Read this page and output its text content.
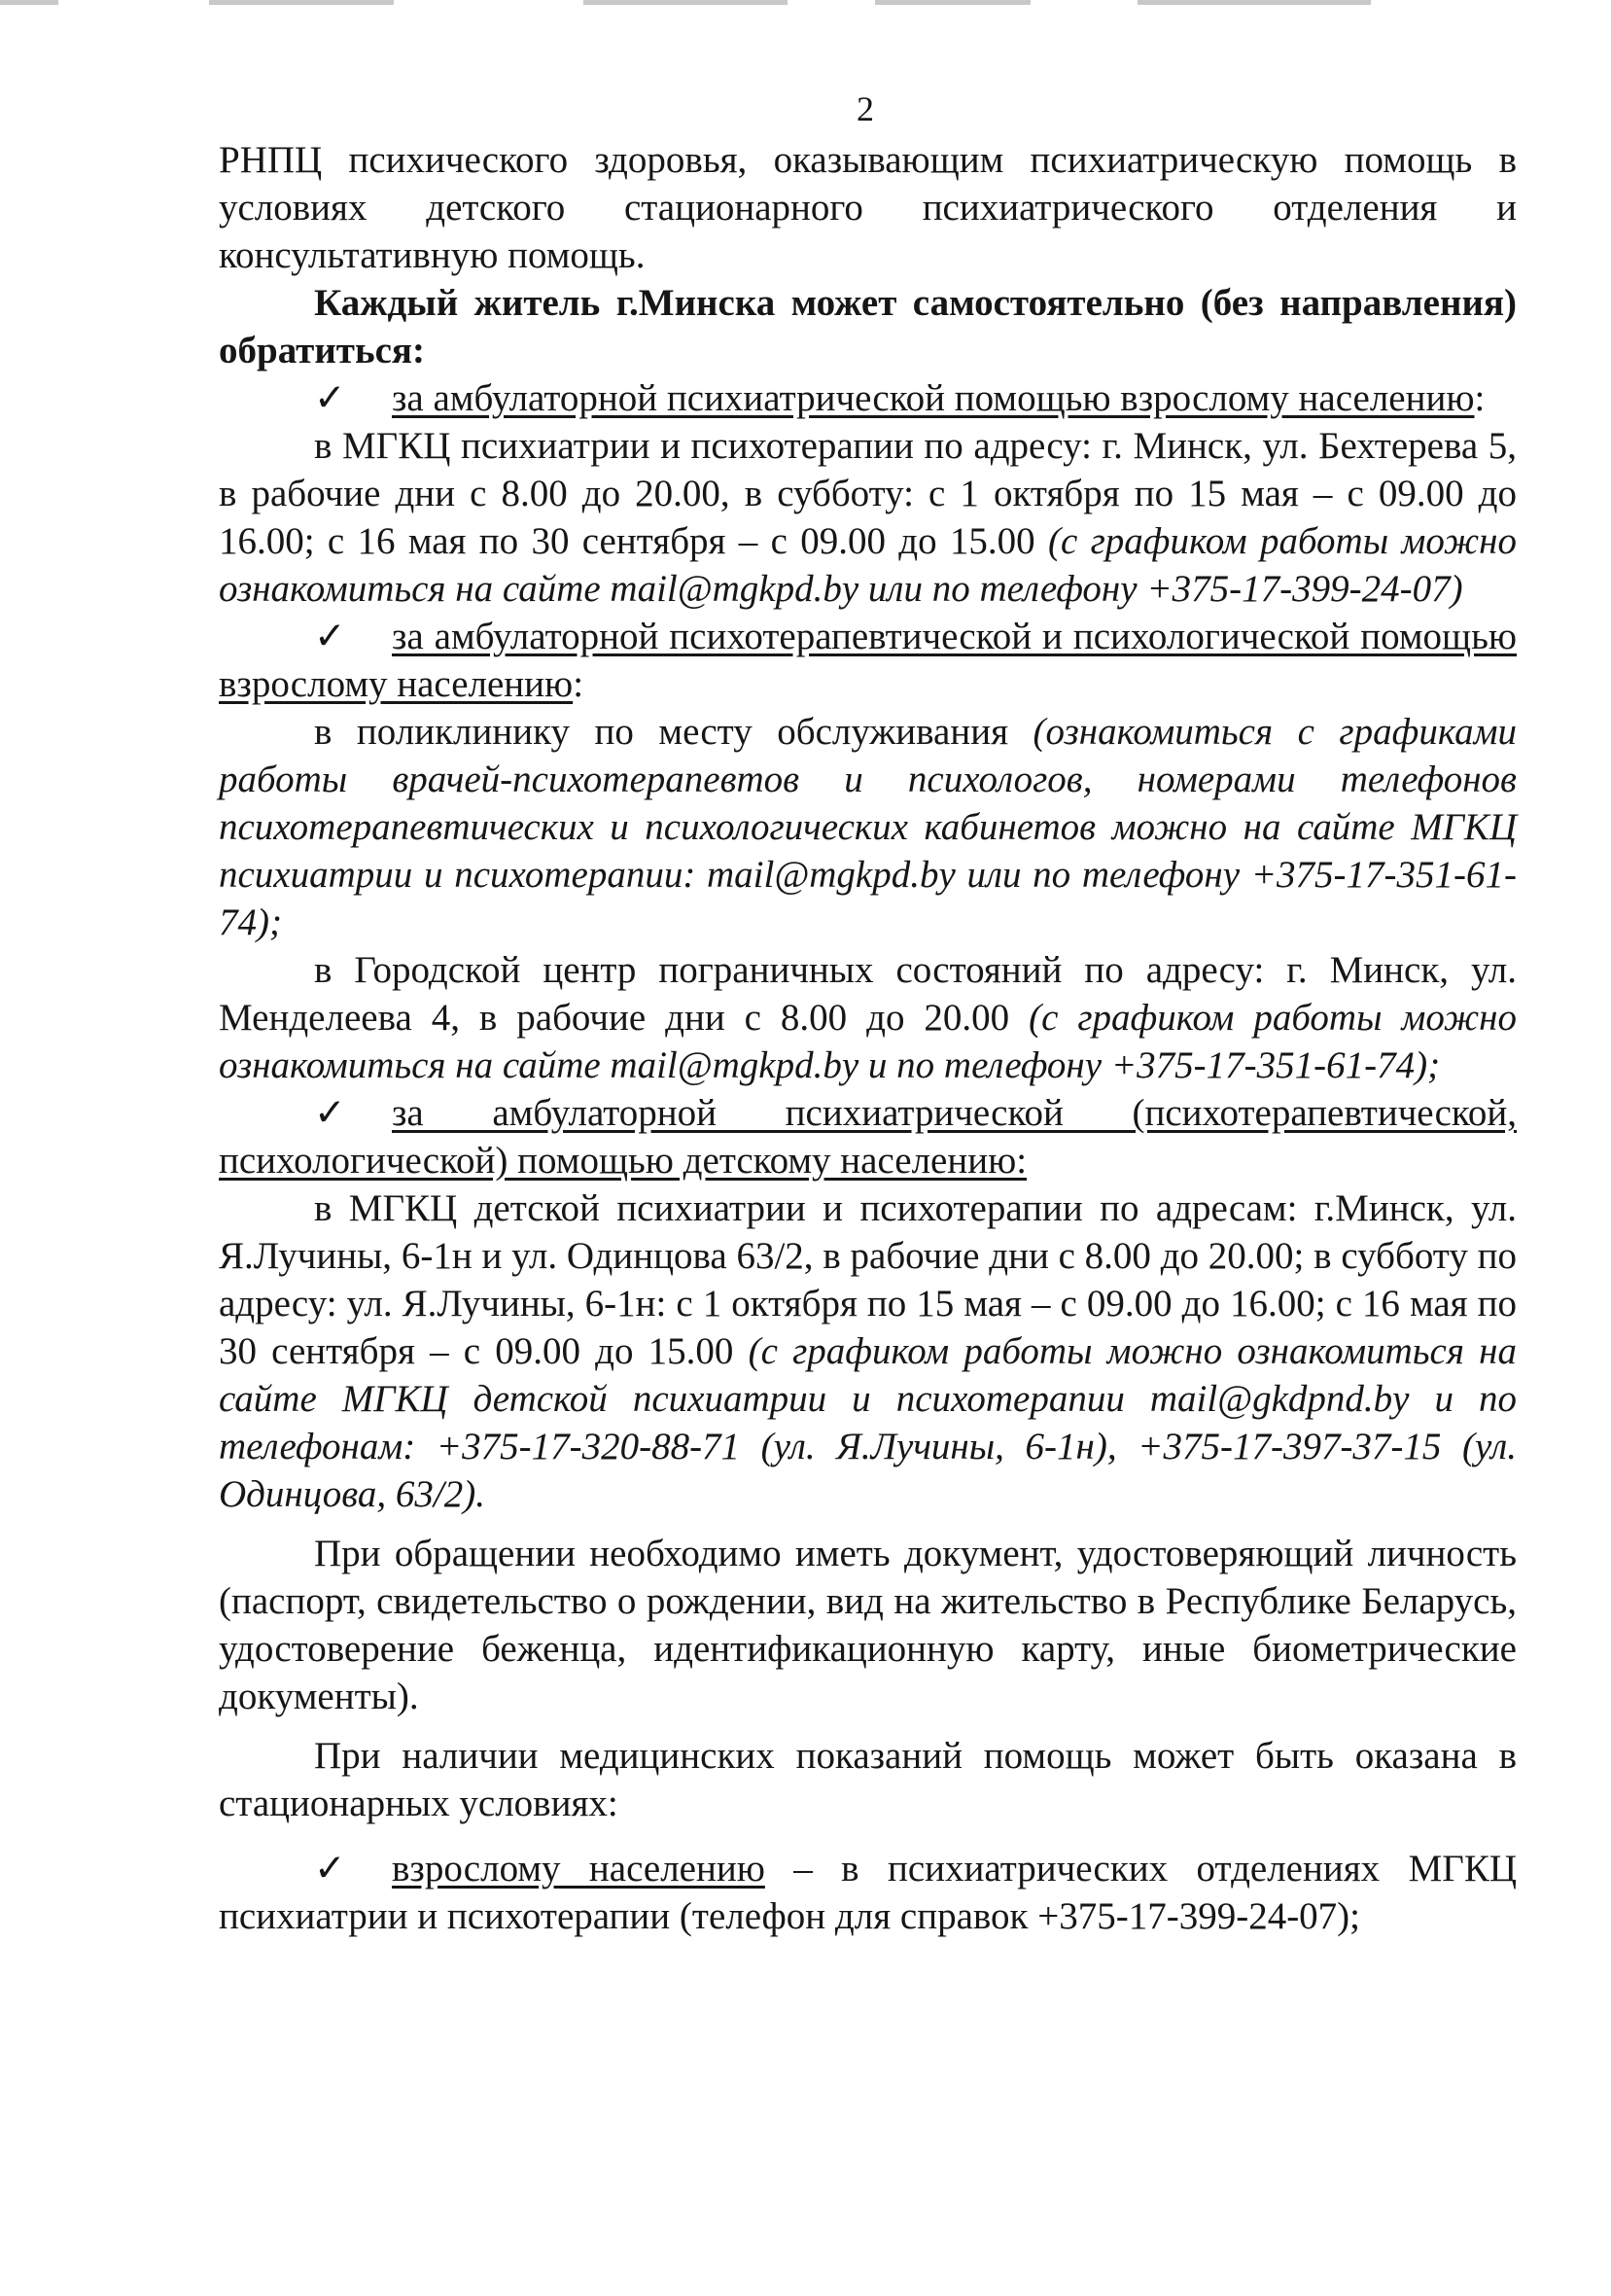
2

РНПЦ психического здоровья, оказывающим психиатрическую помощь в условиях детского стационарного психиатрического отделения и консультативную помощь.

Каждый житель г.Минска может самостоятельно (без направления) обратиться:

✓ за амбулаторной психиатрической помощью взрослому населению:

в МГКЦ психиатрии и психотерапии по адресу: г. Минск, ул. Бехтерева 5, в рабочие дни с 8.00 до 20.00, в субботу: с 1 октября по 15 мая – с 09.00 до 16.00; с 16 мая по 30 сентября – с 09.00 до 15.00 (с графиком работы можно ознакомиться на сайте mail@mgkpd.by или по телефону +375-17-399-24-07)

✓ за амбулаторной психотерапевтической и психологической помощью взрослому населению:

в поликлинику по месту обслуживания (ознакомиться с графиками работы врачей-психотерапевтов и психологов, номерами телефонов психотерапевтических и психологических кабинетов можно на сайте МГКЦ психиатрии и психотерапии: mail@mgkpd.by или по телефону +375-17-351-61-74);

в Городской центр пограничных состояний по адресу: г. Минск, ул. Менделеева 4, в рабочие дни с 8.00 до 20.00 (с графиком работы можно ознакомиться на сайте mail@mgkpd.by и по телефону +375-17-351-61-74);

✓ за амбулаторной психиатрической (психотерапевтической, психологической) помощью детскому населению:

в МГКЦ детской психиатрии и психотерапии по адресам: г.Минск, ул. Я.Лучины, 6-1н и ул. Одинцова 63/2, в рабочие дни с 8.00 до 20.00; в субботу по адресу: ул. Я.Лучины, 6-1н: с 1 октября по 15 мая – с 09.00 до 16.00; с 16 мая по 30 сентября – с 09.00 до 15.00 (с графиком работы можно ознакомиться на сайте МГКЦ детской психиатрии и психотерапии mail@gkdpnd.by и по телефонам: +375-17-320-88-71 (ул. Я.Лучины, 6-1н), +375-17-397-37-15 (ул. Одинцова, 63/2).

При обращении необходимо иметь документ, удостоверяющий личность (паспорт, свидетельство о рождении, вид на жительство в Республике Беларусь, удостоверение беженца, идентификационную карту, иные биометрические документы).

При наличии медицинских показаний помощь может быть оказана в стационарных условиях:

✓ взрослому населению – в психиатрических отделениях МГКЦ психиатрии и психотерапии (телефон для справок +375-17-399-24-07);
